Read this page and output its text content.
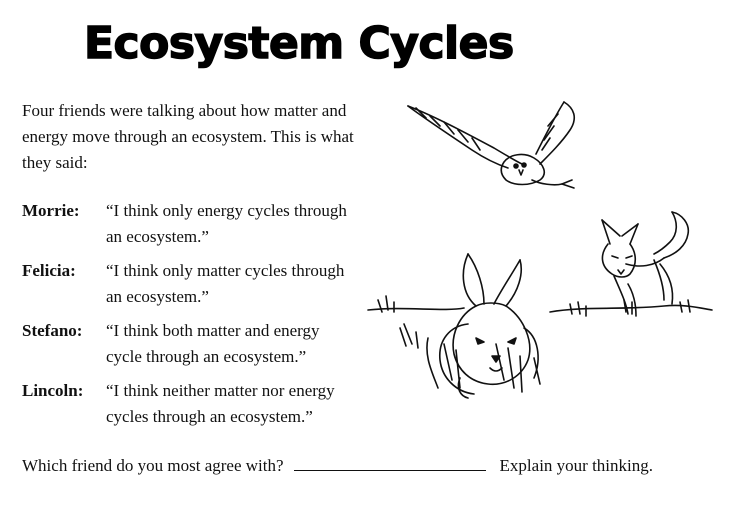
Ecosystem Cycles
Four friends were talking about how matter and energy move through an ecosystem. This is what they said:
Morrie: “I think only energy cycles through an ecosystem.”
Felicia: “I think only matter cycles through an ecosystem.”
Stefano: “I think both matter and energy cycle through an ecosystem.”
Lincoln: “I think neither matter nor energy cycles through an ecosystem.”
Which friend do you most agree with?	Explain your thinking.
